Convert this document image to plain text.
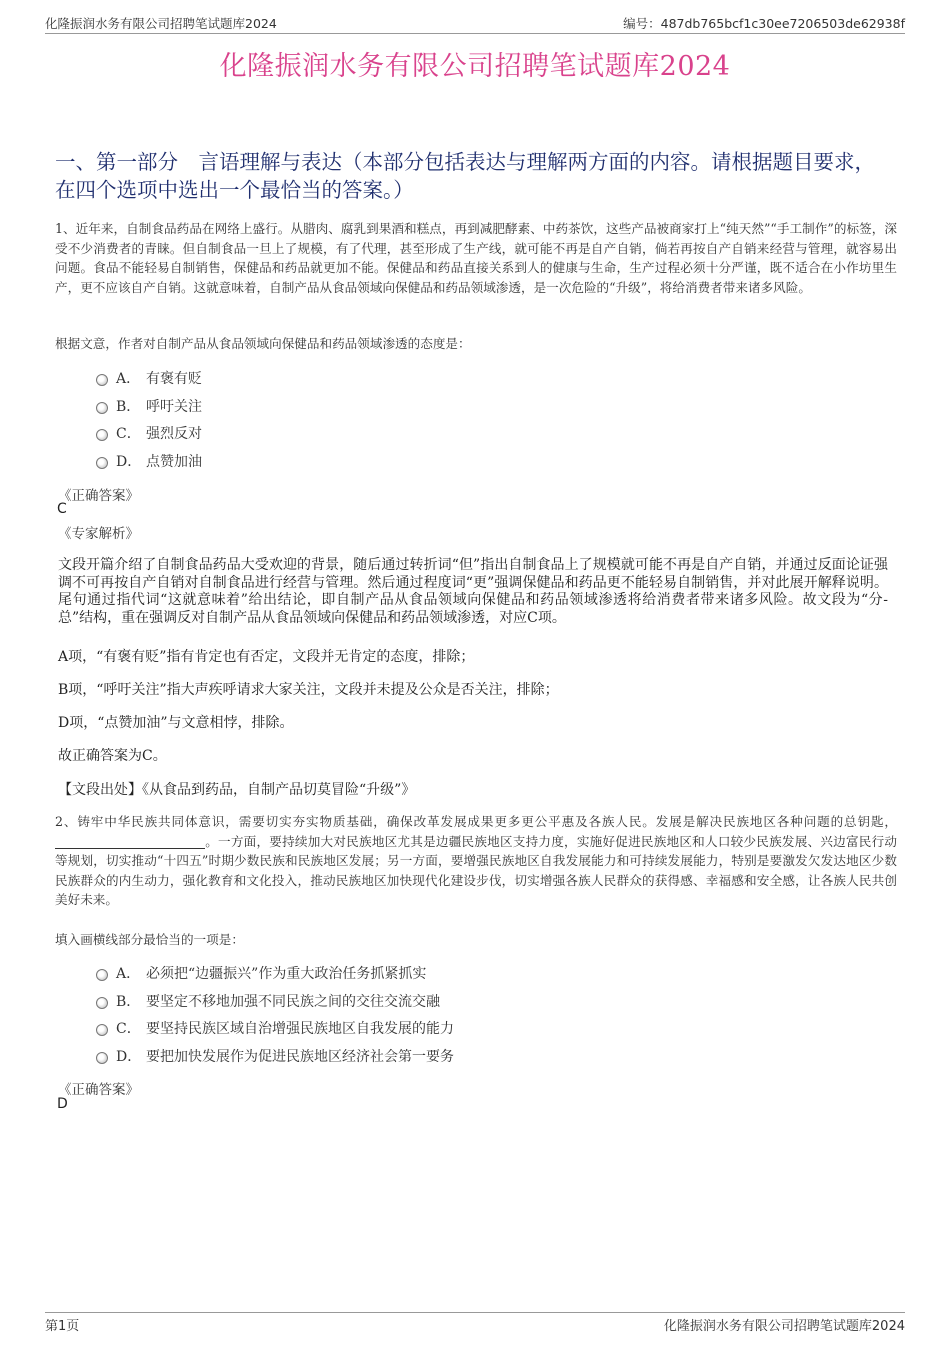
化隆振润水务有限公司招聘笔试题库2024	编号：487db765bcf1c30ee7206503de62938f
化隆振润水务有限公司招聘笔试题库2024
一、第一部分　言语理解与表达（本部分包括表达与理解两方面的内容。请根据题目要求，在四个选项中选出一个最恰当的答案。）
1、近年来，自制食品药品在网络上盛行。从腊肉、腐乳到果酒和糕点，再到减肥酵素、中药茶饮，这些产品被商家打上“纯天然”“手工制作”的标签，深受不少消费者的青睐。但自制食品一旦上了规模，有了代理，甚至形成了生产线，就可能不再是自产自销，倘若再按自产自销来经营与管理，就容易出问题。食品不能轻易自制销售，保健品和药品就更加不能。保健品和药品直接关系到人的健康与生命，生产过程必须十分严谨，既不适合在小作坊里生产，更不应该自产自销。这就意味着，自制产品从食品领域向保健品和药品领域渗透，是一次危险的“升级”，将给消费者带来诸多风险。
根据文意，作者对自制产品从食品领域向保健品和药品领域渗透的态度是：
A． 有褒有贬
B． 呼吁关注
C． 强烈反对
D． 点赞加油
《正确答案》
C
《专家解析》
文段开篇介绍了自制食品药品大受欢迎的背景，随后通过转折词“但”指出自制食品上了规模就可能不再是自产自销，并通过反面论证强调不可再按自产自销对自制食品进行经营与管理。然后通过程度词“更”强调保健品和药品更不能轻易自制销售，并对此展开解释说明。尾句通过指代词“这就意味着”给出结论，即自制产品从食品领域向保健品和药品领域渗透将给消费者带来诸多风险。故文段为“分-总”结构，重在强调反对自制产品从食品领域向保健品和药品领域渗透，对应C项。
A项，“有褒有贬”指有肯定也有否定，文段并无肯定的态度，排除；
B项，“呼吁关注”指大声疾呼请求大家关注，文段并未提及公众是否关注，排除；
D项，“点赞加油”与文意相悖，排除。
故正确答案为C。
【文段出处】《从食品到药品，自制产品切莫冒险“升级”》
2、铸牢中华民族共同体意识，需要切实夯实物质基础，确保改革发展成果更多更公平惠及各族人民。发展是解决民族地区各种问题的总钥匙，。一方面，要持续加大对民族地区尤其是边疆民族地区支持力度，实施好促进民族地区和人口较少民族发展、兴边富民行动等规划，切实推动“十四五”时期少数民族和民族地区发展；另一方面，要增强民族地区自我发展能力和可持续发展能力，特别是要激发欠发达地区少数民族群众的内生动力，强化教育和文化投入，推动民族地区加快现代化建设步伐，切实增强各族人民群众的获得感、幸福感和安全感，让各族人民共创美好未来。
填入画横线部分最恰当的一项是：
A． 必须把“边疆振兴”作为重大政治任务抓紧抓实
B． 要坚定不移地加强不同民族之间的交往交流交融
C． 要坚持民族区域自治增强民族地区自我发展的能力
D． 要把加快发展作为促进民族地区经济社会第一要务
《正确答案》
D
第1页	化隆振润水务有限公司招聘笔试题库2024
